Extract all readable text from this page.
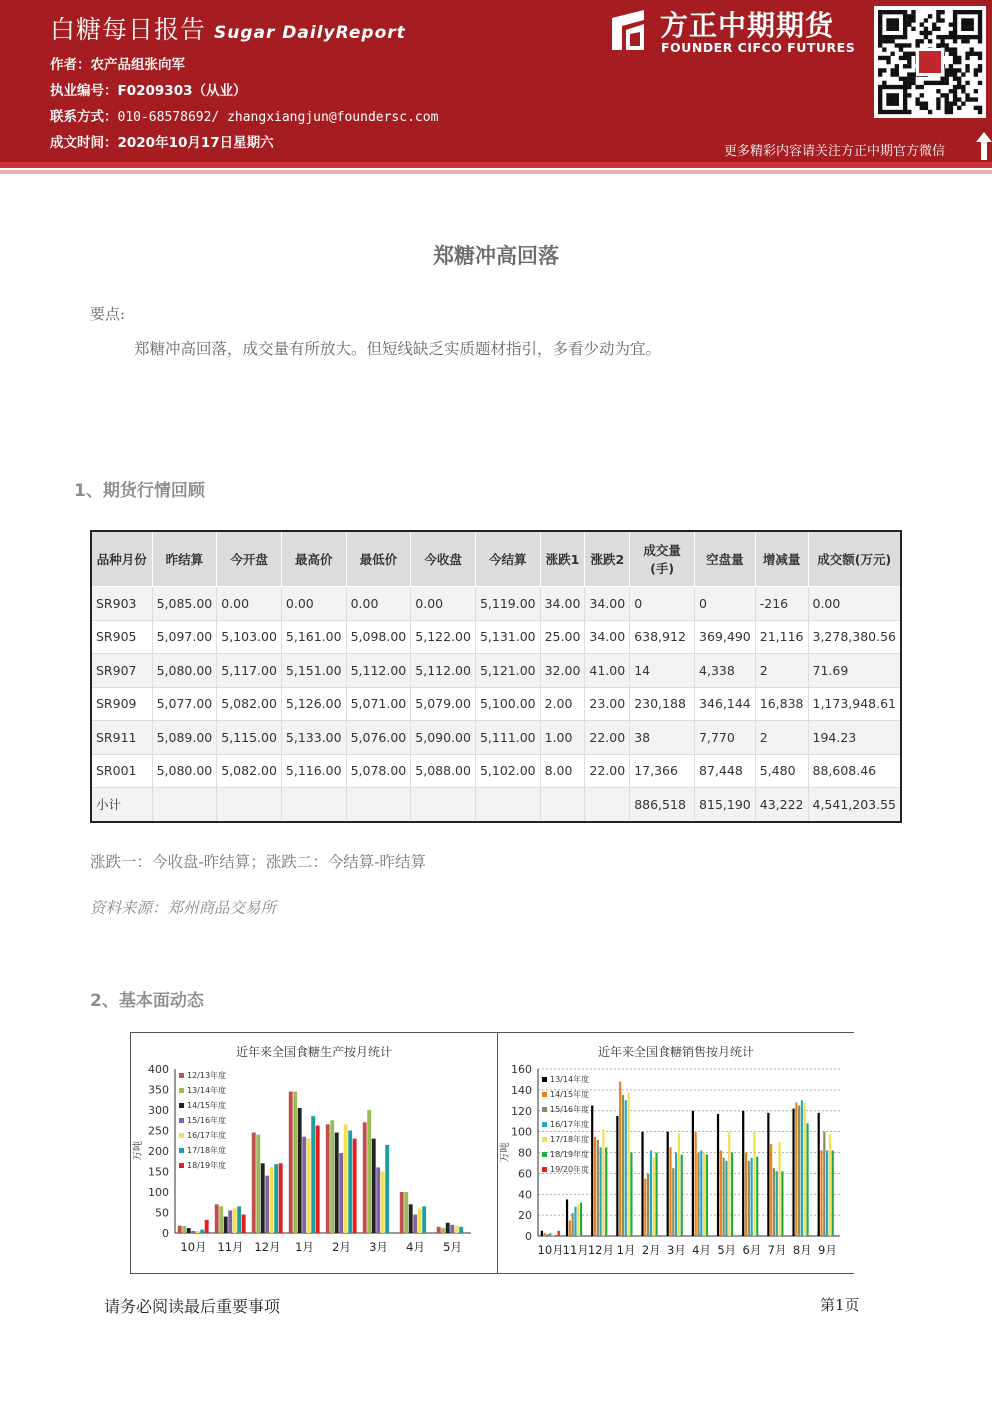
白糖每日报告 Sugar DailyReport
作者：农产品组张向军
执业编号：F0209303（从业）
联系方式：010-68578692/ zhangxiangjun@foundersc.com
成文时间：2020年10月17日星期六
方正中期期货
FOUNDER CIFCO FUTURES
更多精彩内容请关注方正中期官方微信
郑糖冲高回落
要点:
郑糖冲高回落，成交量有所放大。但短线缺乏实质题材指引，多看少动为宜。
1、期货行情回顾
品种月份	昨结算	今开盘	最高价	最低价	今收盘	今结算	涨跌1	涨跌2	成交量(手)	空盘量	增减量	成交额(万元)
SR903	5,085.00	0.00	0.00	0.00	0.00	5,119.00	34.00	34.00	0	0	-216	0.00
SR905	5,097.00	5,103.00	5,161.00	5,098.00	5,122.00	5,131.00	25.00	34.00	638,912	369,490	21,116	3,278,380.56
SR907	5,080.00	5,117.00	5,151.00	5,112.00	5,112.00	5,121.00	32.00	41.00	14	4,338	2	71.69
SR909	5,077.00	5,082.00	5,126.00	5,071.00	5,079.00	5,100.00	2.00	23.00	230,188	346,144	16,838	1,173,948.61
SR911	5,089.00	5,115.00	5,133.00	5,076.00	5,090.00	5,111.00	1.00	22.00	38	7,770	2	194.23
SR001	5,080.00	5,082.00	5,116.00	5,078.00	5,088.00	5,102.00	8.00	22.00	17,366	87,448	5,480	88,608.46
小计									886,518	815,190	43,222	4,541,203.55
涨跌一：今收盘-昨结算；涨跌二：今结算-昨结算
资料来源：郑州商品交易所
2、基本面动态
近年来全国食糖生产按月统计
0
50
100
150
200
250
300
350
400
万吨
10月 11月 12月 1月 2月 3月 4月 5月
12/13年度
13/14年度
14/15年度
15/16年度
16/17年度
17/18年度
18/19年度
近年来全国食糖销售按月统计
0
20
40
60
80
100
120
140
160
万吨
10月 11月 12月 1月 2月 3月 4月 5月 6月 7月 8月 9月
13/14年度
14/15年度
15/16年度
16/17年度
17/18年度
18/19年度
19/20年度
请务必阅读最后重要事项	第1页
